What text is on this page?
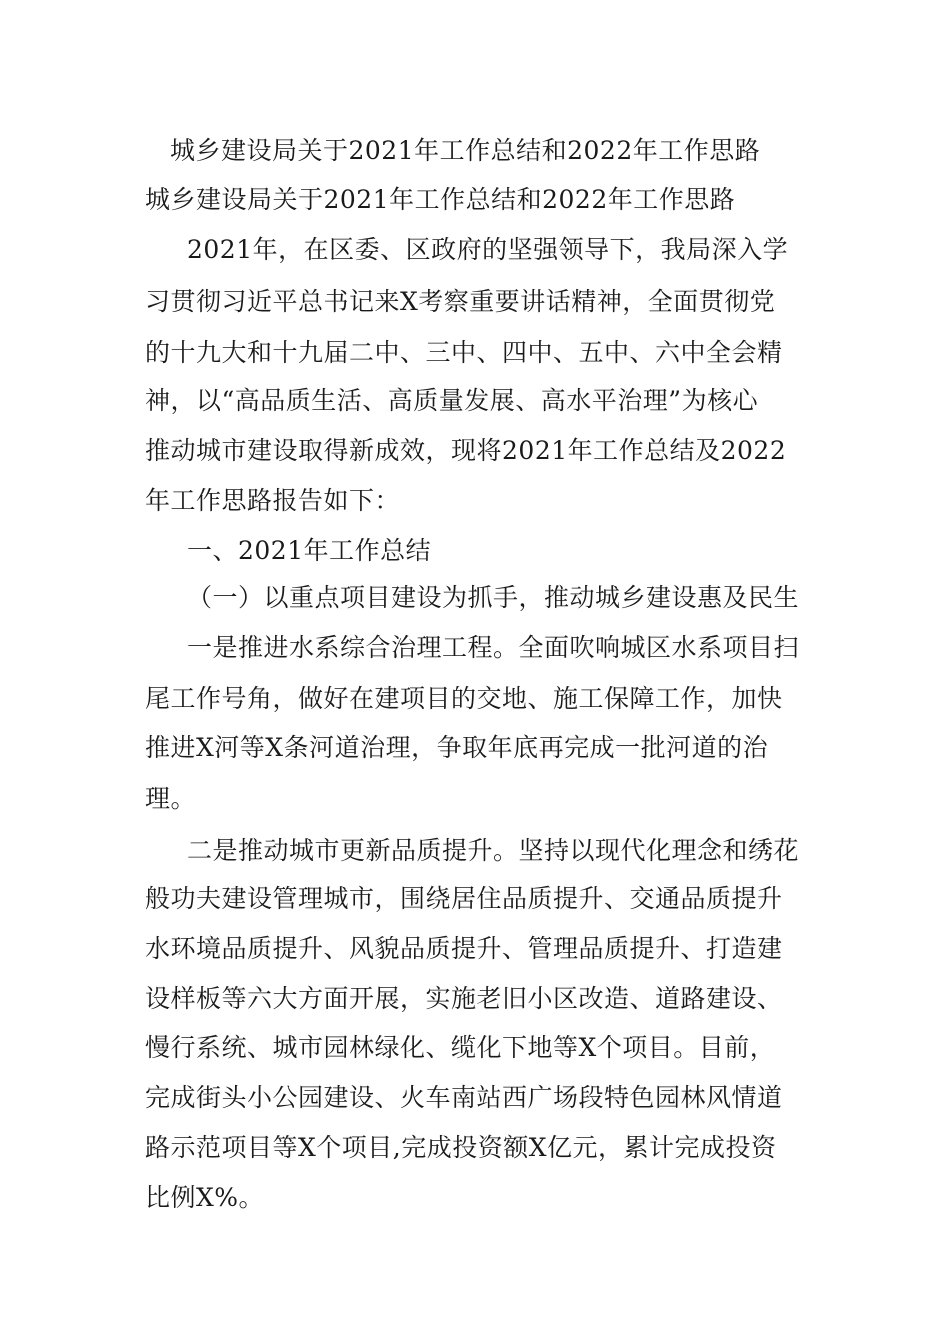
城乡建设局关于2021年工作总结和2022年工作思路
城乡建设局关于2021年工作总结和2022年工作思路
2021年，在区委、区政府的坚强领导下，我局深入学
习贯彻习近平总书记来X考察重要讲话精神，全面贯彻党
的十九大和十九届二中、三中、四中、五中、六中全会精
神，以“高品质生活、高质量发展、高水平治理”为核心
推动城市建设取得新成效，现将2021年工作总结及2022
年工作思路报告如下：
一、2021年工作总结
（一）以重点项目建设为抓手，推动城乡建设惠及民生
一是推进水系综合治理工程。全面吹响城区水系项目扫
尾工作号角，做好在建项目的交地、施工保障工作，加快
推进X河等X条河道治理，争取年底再完成一批河道的治
理。
二是推动城市更新品质提升。坚持以现代化理念和绣花
般功夫建设管理城市，围绕居住品质提升、交通品质提升
水环境品质提升、风貌品质提升、管理品质提升、打造建
设样板等六大方面开展，实施老旧小区改造、道路建设、
慢行系统、城市园林绿化、缆化下地等X个项目。目前，
完成街头小公园建设、火车南站西广场段特色园林风情道
路示范项目等X个项目,完成投资额X亿元，累计完成投资
比例X%。
